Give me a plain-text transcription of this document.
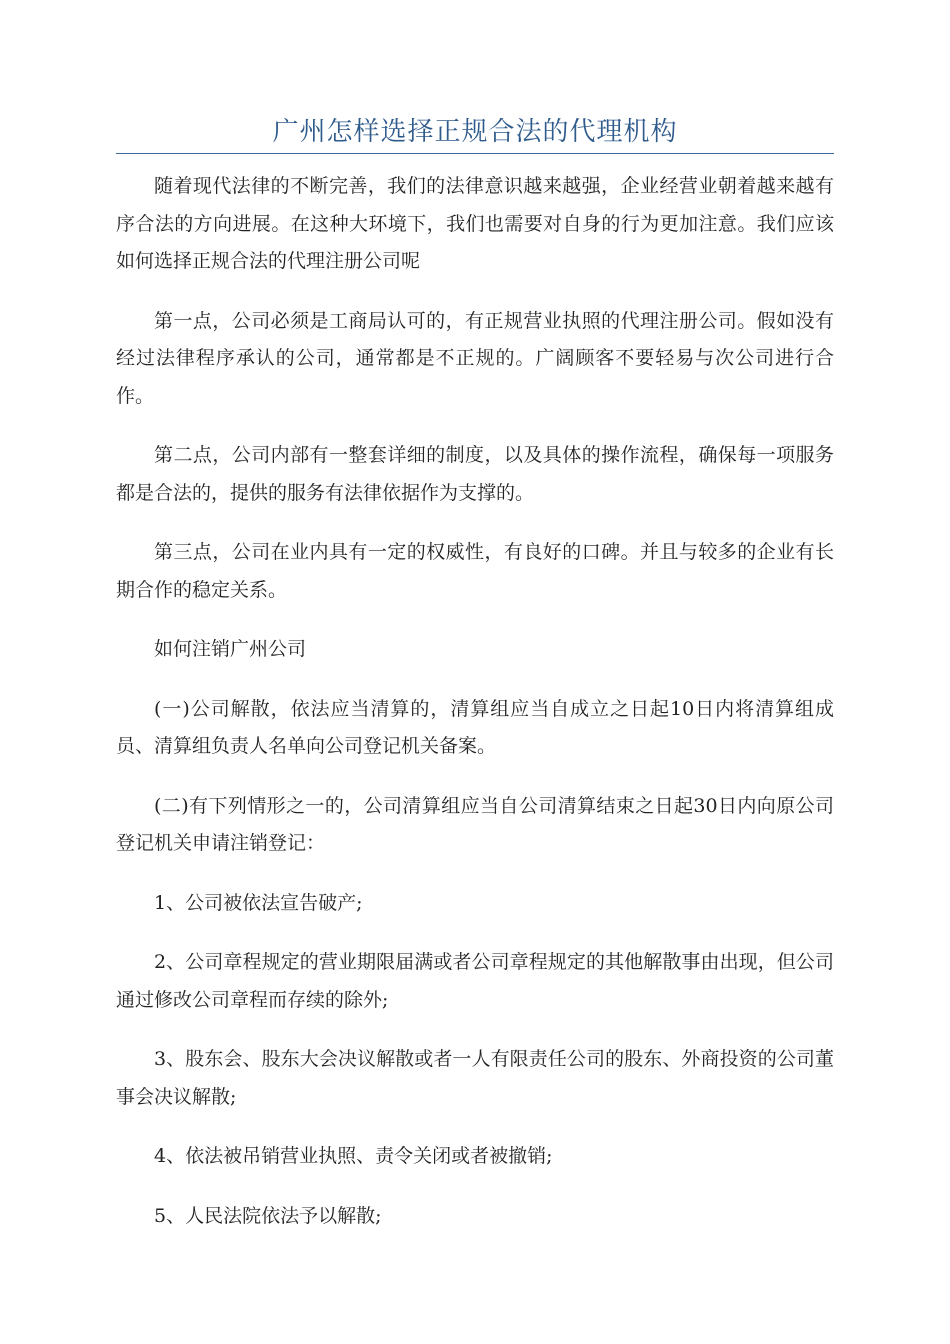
广州怎样选择正规合法的代理机构

随着现代法律的不断完善，我们的法律意识越来越强，企业经营业朝着越来越有序合法的方向进展。在这种大环境下，我们也需要对自身的行为更加注意。我们应该如何选择正规合法的代理注册公司呢

第一点，公司必须是工商局认可的，有正规营业执照的代理注册公司。假如没有经过法律程序承认的公司，通常都是不正规的。广阔顾客不要轻易与次公司进行合作。

第二点，公司内部有一整套详细的制度，以及具体的操作流程，确保每一项服务都是合法的，提供的服务有法律依据作为支撑的。

第三点，公司在业内具有一定的权威性，有良好的口碑。并且与较多的企业有长期合作的稳定关系。

如何注销广州公司

(一)公司解散，依法应当清算的，清算组应当自成立之日起10日内将清算组成员、清算组负责人名单向公司登记机关备案。

(二)有下列情形之一的，公司清算组应当自公司清算结束之日起30日内向原公司登记机关申请注销登记：

1、公司被依法宣告破产;

2、公司章程规定的营业期限届满或者公司章程规定的其他解散事由出现，但公司通过修改公司章程而存续的除外;

3、股东会、股东大会决议解散或者一人有限责任公司的股东、外商投资的公司董事会决议解散;

4、依法被吊销营业执照、责令关闭或者被撤销;

5、人民法院依法予以解散;
